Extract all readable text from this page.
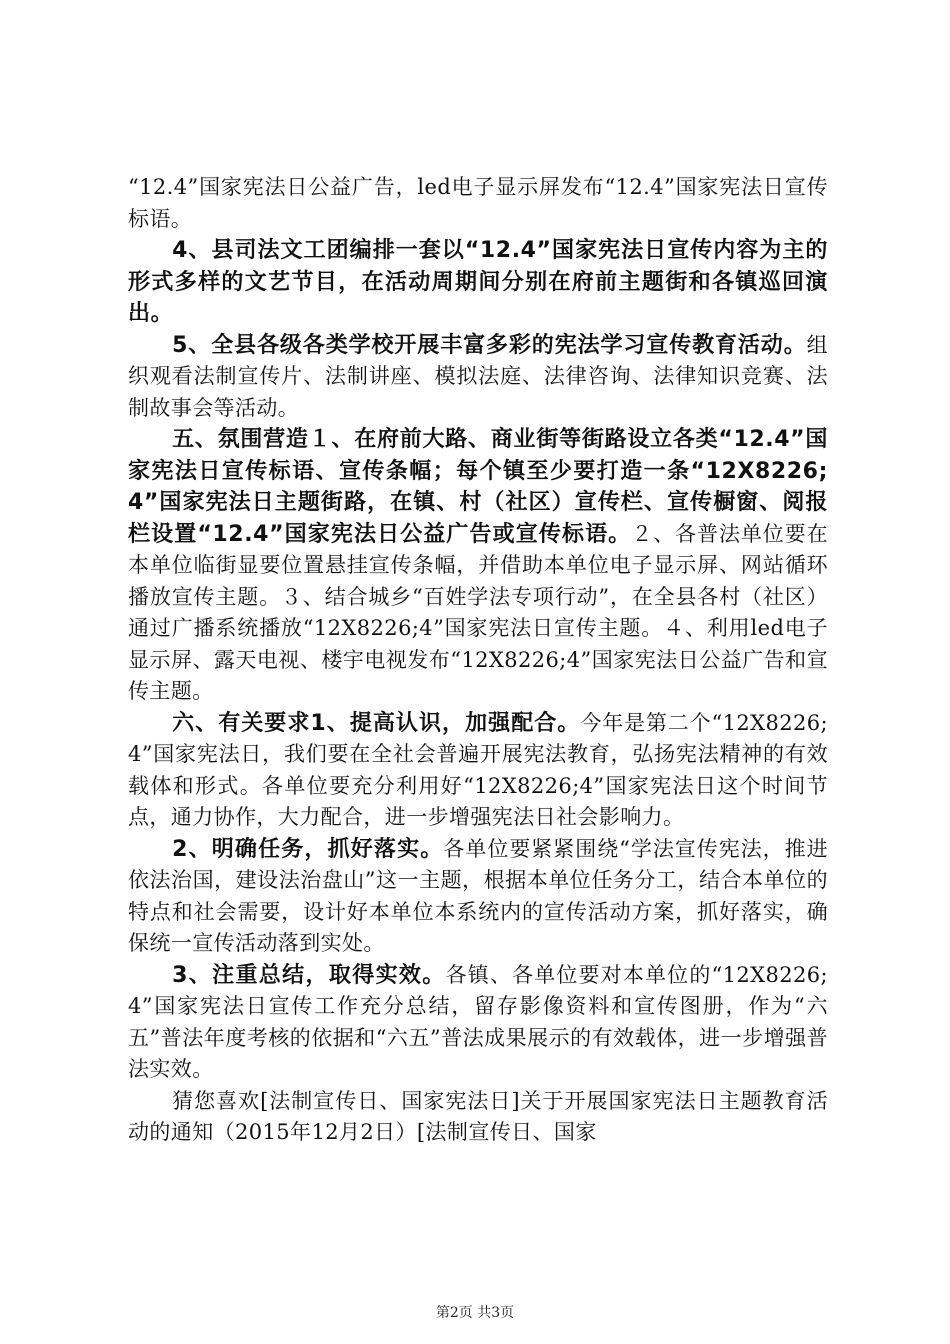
“12.4”国家宪法日公益广告，led电子显示屏发布“12.4”国家宪法日宣传标语。

4、县司法文工团编排一套以“12.4”国家宪法日宣传内容为主的形式多样的文艺节目，在活动周期间分别在府前主题街和各镇巡回演出。

5、全县各级各类学校开展丰富多彩的宪法学习宣传教育活动。组织观看法制宣传片、法制讲座、模拟法庭、法律咨询、法律知识竞赛、法制故事会等活动。

五、氛围营造１、在府前大路、商业街等街路设立各类“12.4”国家宪法日宣传标语、宣传条幅；每个镇至少要打造一条“12X8226;4”国家宪法日主题街路，在镇、村（社区）宣传栏、宣传橱窗、阅报栏设置“12.4”国家宪法日公益广告或宣传标语。２、各普法单位要在本单位临街显要位置悬挂宣传条幅，并借助本单位电子显示屏、网站循环播放宣传主题。３、结合城乡“百姓学法专项行动”，在全县各村（社区）通过广播系统播放“12X8226;4”国家宪法日宣传主题。４、利用led电子显示屏、露天电视、楼宇电视发布“12X8226;4”国家宪法日公益广告和宣传主题。

六、有关要求1、提高认识，加强配合。今年是第二个“12X8226;4”国家宪法日，我们要在全社会普遍开展宪法教育，弘扬宪法精神的有效载体和形式。各单位要充分利用好“12X8226;4”国家宪法日这个时间节点，通力协作，大力配合，进一步增强宪法日社会影响力。

2、明确任务，抓好落实。各单位要紧紧围绕“学法宣传宪法，推进依法治国，建设法治盘山”这一主题，根据本单位任务分工，结合本单位的特点和社会需要，设计好本单位本系统内的宣传活动方案，抓好落实，确保统一宣传活动落到实处。

3、注重总结，取得实效。各镇、各单位要对本单位的“12X8226;4”国家宪法日宣传工作充分总结，留存影像资料和宣传图册，作为“六五”普法年度考核的依据和“六五”普法成果展示的有效载体，进一步增强普法实效。

猜您喜欢[法制宣传日、国家宪法日]关于开展国家宪法日主题教育活动的通知（2015年12月2日）[法制宣传日、国家

第2页 共3页
